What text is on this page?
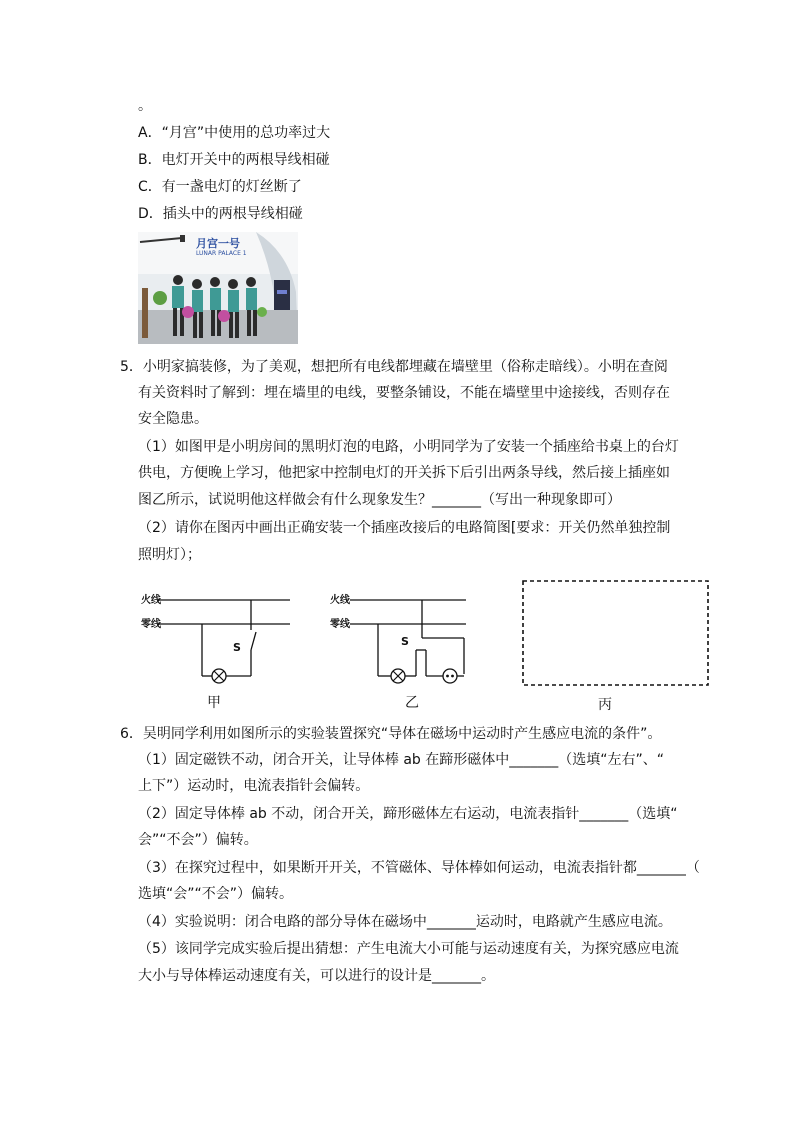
。
A．“月宫”中使用的总功率过大
B．电灯开关中的两根导线相碰
C．有一盏电灯的灯丝断了
D．插头中的两根导线相碰
月宫一号
LUNAR PALACE 1
5．小明家搞装修，为了美观，想把所有电线都埋藏在墙壁里（俗称走暗线）。小明在查阅
有关资料时了解到：埋在墙里的电线，要整条铺设，不能在墙壁里中途接线，否则存在
安全隐患。
（1）如图甲是小明房间的黑明灯泡的电路，小明同学为了安装一个插座给书桌上的台灯
供电，方便晚上学习，他把家中控制电灯的开关拆下后引出两条导线，然后接上插座如
图乙所示，试说明他这样做会有什么现象发生？_______（写出一种现象即可）
（2）请你在图丙中画出正确安装一个插座改接后的电路简图[要求：开关仍然单独控制
照明灯）；
火线
零线
S
甲
火线
零线
S
乙	丙
6．吴明同学利用如图所示的实验装置探究“导体在磁场中运动时产生感应电流的条件”。
（1）固定磁铁不动，闭合开关，让导体棒 ab 在蹄形磁体中_______（选填“左右”、“
上下”）运动时，电流表指针会偏转。
（2）固定导体棒 ab 不动，闭合开关，蹄形磁体左右运动，电流表指针_______（选填“
会”“不会”）偏转。
（3）在探究过程中，如果断开开关，不管磁体、导体棒如何运动，电流表指针都_______（
选填“会”“不会”）偏转。
（4）实验说明：闭合电路的部分导体在磁场中_______运动时，电路就产生感应电流。
（5）该同学完成实验后提出猜想：产生电流大小可能与运动速度有关，为探究感应电流
大小与导体棒运动速度有关，可以进行的设计是_______。
